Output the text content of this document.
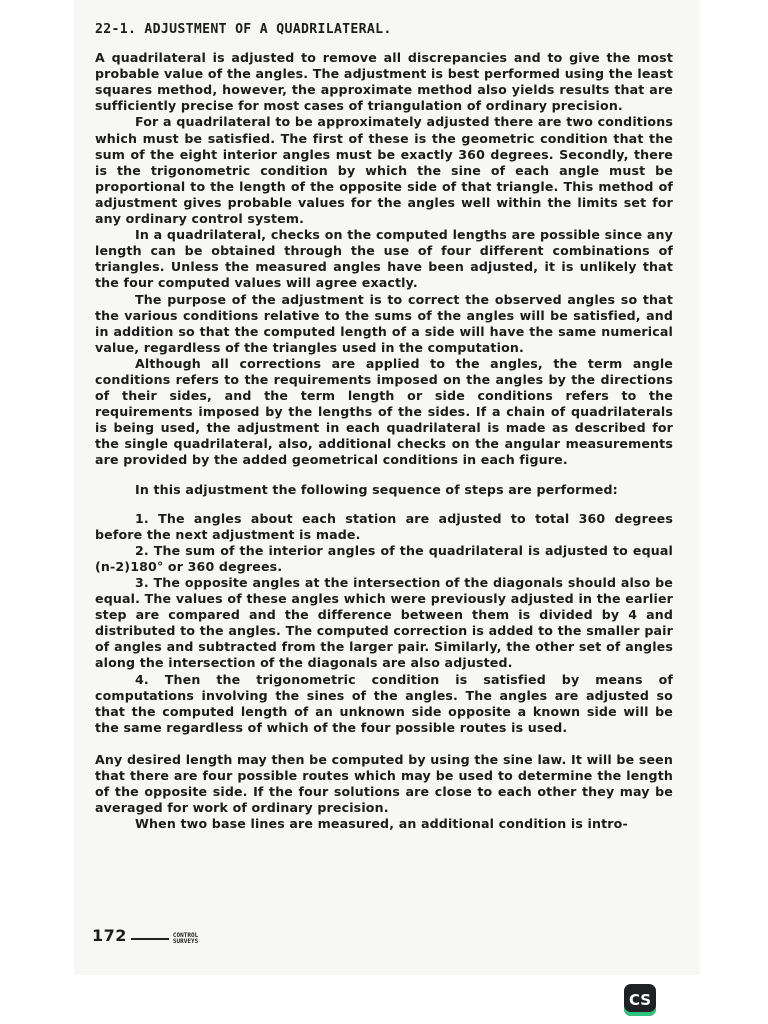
22-1. ADJUSTMENT OF A QUADRILATERAL.

A quadrilateral is adjusted to remove all discrepancies and to give the most probable value of the angles. The adjustment is best performed using the least squares method, however, the approximate method also yields results that are sufficiently precise for most cases of triangulation of ordinary precision.

For a quadrilateral to be approximately adjusted there are two conditions which must be satisfied. The first of these is the geometric condition that the sum of the eight interior angles must be exactly 360 degrees. Secondly, there is the trigonometric condition by which the sine of each angle must be proportional to the length of the opposite side of that triangle. This method of adjustment gives probable values for the angles well within the limits set for any ordinary control system.

In a quadrilateral, checks on the computed lengths are possible since any length can be obtained through the use of four different combinations of triangles. Unless the measured angles have been adjusted, it is unlikely that the four computed values will agree exactly.

The purpose of the adjustment is to correct the observed angles so that the various conditions relative to the sums of the angles will be satisfied, and in addition so that the computed length of a side will have the same numerical value, regardless of the triangles used in the computation.

Although all corrections are applied to the angles, the term angle conditions refers to the requirements imposed on the angles by the directions of their sides, and the term length or side conditions refers to the requirements imposed by the lengths of the sides. If a chain of quadrilaterals is being used, the adjustment in each quadrilateral is made as described for the single quadrilateral, also, additional checks on the angular measurements are provided by the added geometrical conditions in each figure.

In this adjustment the following sequence of steps are performed:

1. The angles about each station are adjusted to total 360 degrees before the next adjustment is made.

2. The sum of the interior angles of the quadrilateral is adjusted to equal (n-2)180° or 360 degrees.

3. The opposite angles at the intersection of the diagonals should also be equal. The values of these angles which were previously adjusted in the earlier step are compared and the difference between them is divided by 4 and distributed to the angles. The computed correction is added to the smaller pair of angles and subtracted from the larger pair. Similarly, the other set of angles along the intersection of the diagonals are also adjusted.

4. Then the trigonometric condition is satisfied by means of computations involving the sines of the angles. The angles are adjusted so that the computed length of an unknown side opposite a known side will be the same regardless of which of the four possible routes is used.

Any desired length may then be computed by using the sine law. It will be seen that there are four possible routes which may be used to determine the length of the opposite side. If the four solutions are close to each other they may be averaged for work of ordinary precision.

When two base lines are measured, an additional condition is intro-

172	CONTROL
SURVEYS
CS
